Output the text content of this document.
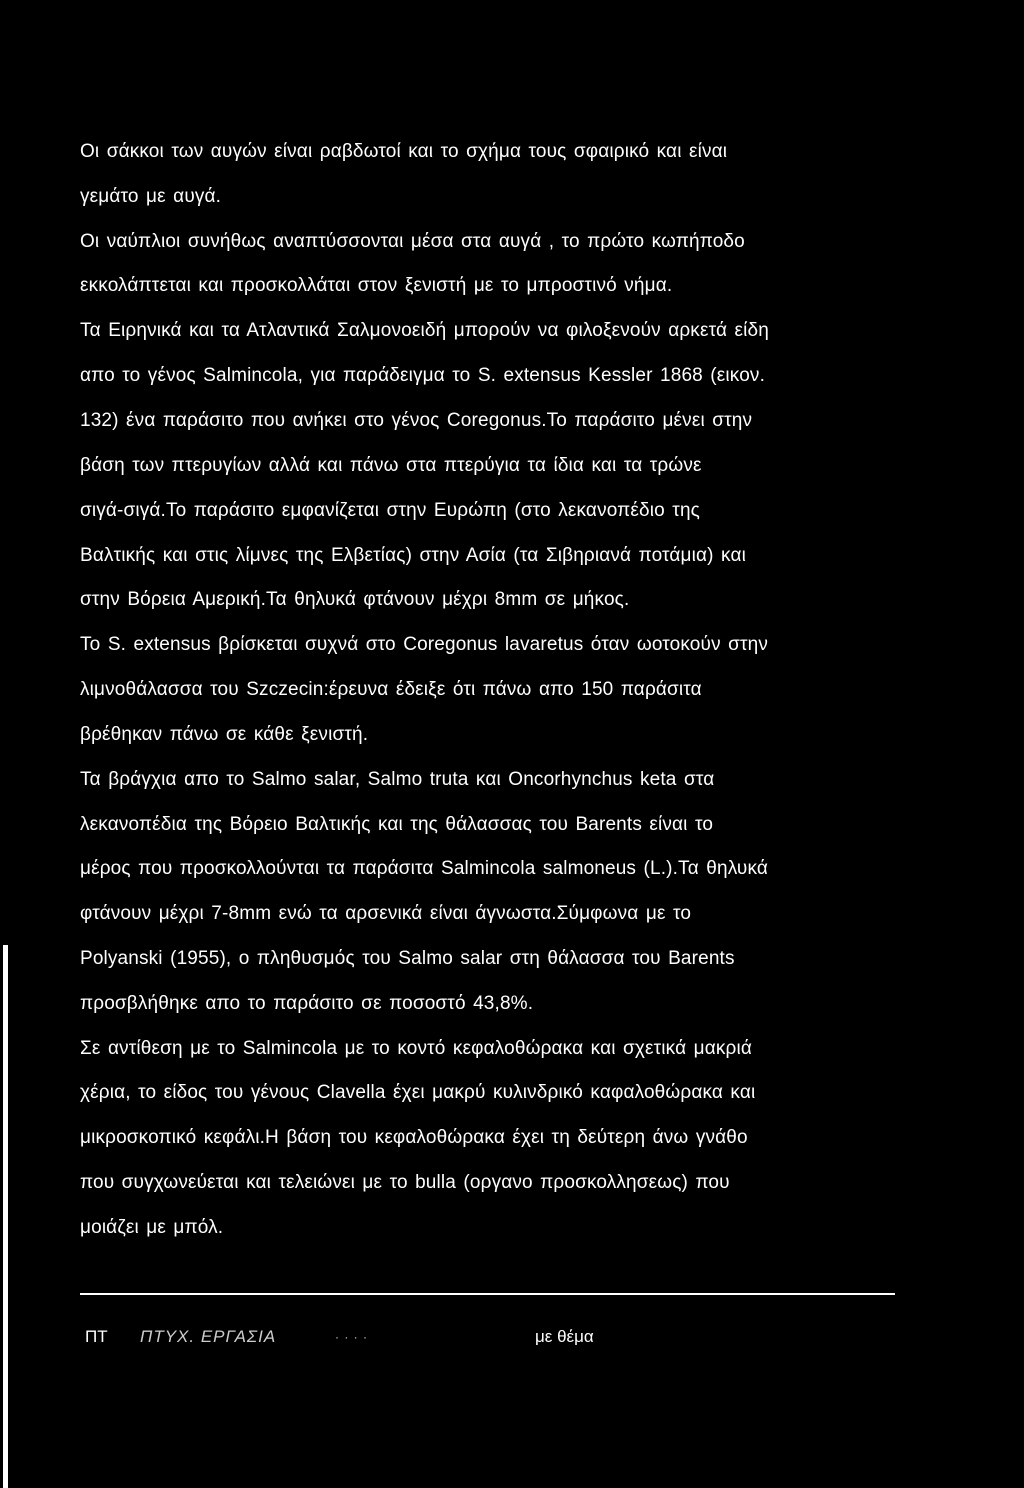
Οι σάκκοι των αυγών είναι ραβδωτοί και το σχήμα τους σφαιρικό και είναι
γεμάτο με αυγά.
Οι ναύπλιοι συνήθως αναπτύσσονται μέσα στα αυγά , το πρώτο κωπήποδο
εκκολάπτεται και προσκολλάται στον ξενιστή με το μπροστινό νήμα.
Τα Ειρηνικά και τα Ατλαντικά Σαλμονοειδή μπορούν να φιλοξενούν αρκετά είδη
απο το γένος Salmincola, για παράδειγμα το S. extensus Kessler 1868 (εικον.
132) ένα παράσιτο που ανήκει στο γένος Coregonus.Το παράσιτο μένει στην
βάση των πτερυγίων αλλά και πάνω στα πτερύγια τα ίδια και τα τρώνε
σιγά-σιγά.Το παράσιτο εμφανίζεται στην Ευρώπη (στο λεκανοπέδιο της
Βαλτικής και στις λίμνες της Ελβετίας) στην Ασία (τα Σιβηριανά ποτάμια) και
στην Βόρεια Αμερική.Τα θηλυκά φτάνουν μέχρι 8mm σε μήκος.
Το S. extensus βρίσκεται συχνά στο Coregonus lavaretus όταν ωοτοκούν στην
λιμνοθάλασσα του Szczecin:έρευνα έδειξε ότι πάνω απο 150 παράσιτα
βρέθηκαν πάνω σε κάθε ξενιστή.
Τα βράγχια απο το Salmo salar, Salmo truta και Oncorhynchus keta στα
λεκανοπέδια της Βόρειο Βαλτικής και της θάλασσας του Barents είναι το
μέρος που προσκολλούνται τα παράσιτα Salmincola salmoneus (L.).Τα θηλυκά
φτάνουν μέχρι 7-8mm ενώ τα αρσενικά είναι άγνωστα.Σύμφωνα με το
Polyanski (1955), ο πληθυσμός του Salmo salar στη θάλασσα του Barents
προσβλήθηκε απο το παράσιτο σε ποσοστό 43,8%.
Σε αντίθεση με το Salmincola με το κοντό κεφαλοθώρακα και σχετικά μακριά
χέρια, το είδος του γένους Clavella έχει μακρύ κυλινδρικό καφαλοθώρακα και
μικροσκοπικό κεφάλι.Η βάση του κεφαλοθώρακα έχει τη δεύτερη άνω γνάθο
που συγχωνεύεται και τελειώνει με το bulla (οργανο προσκολλησεως) που
μοιάζει με μπόλ.
ΠΤ ΠΤΥΧ. ΕΡΓΑΣΙΑ	· · · ·	με θέμα
